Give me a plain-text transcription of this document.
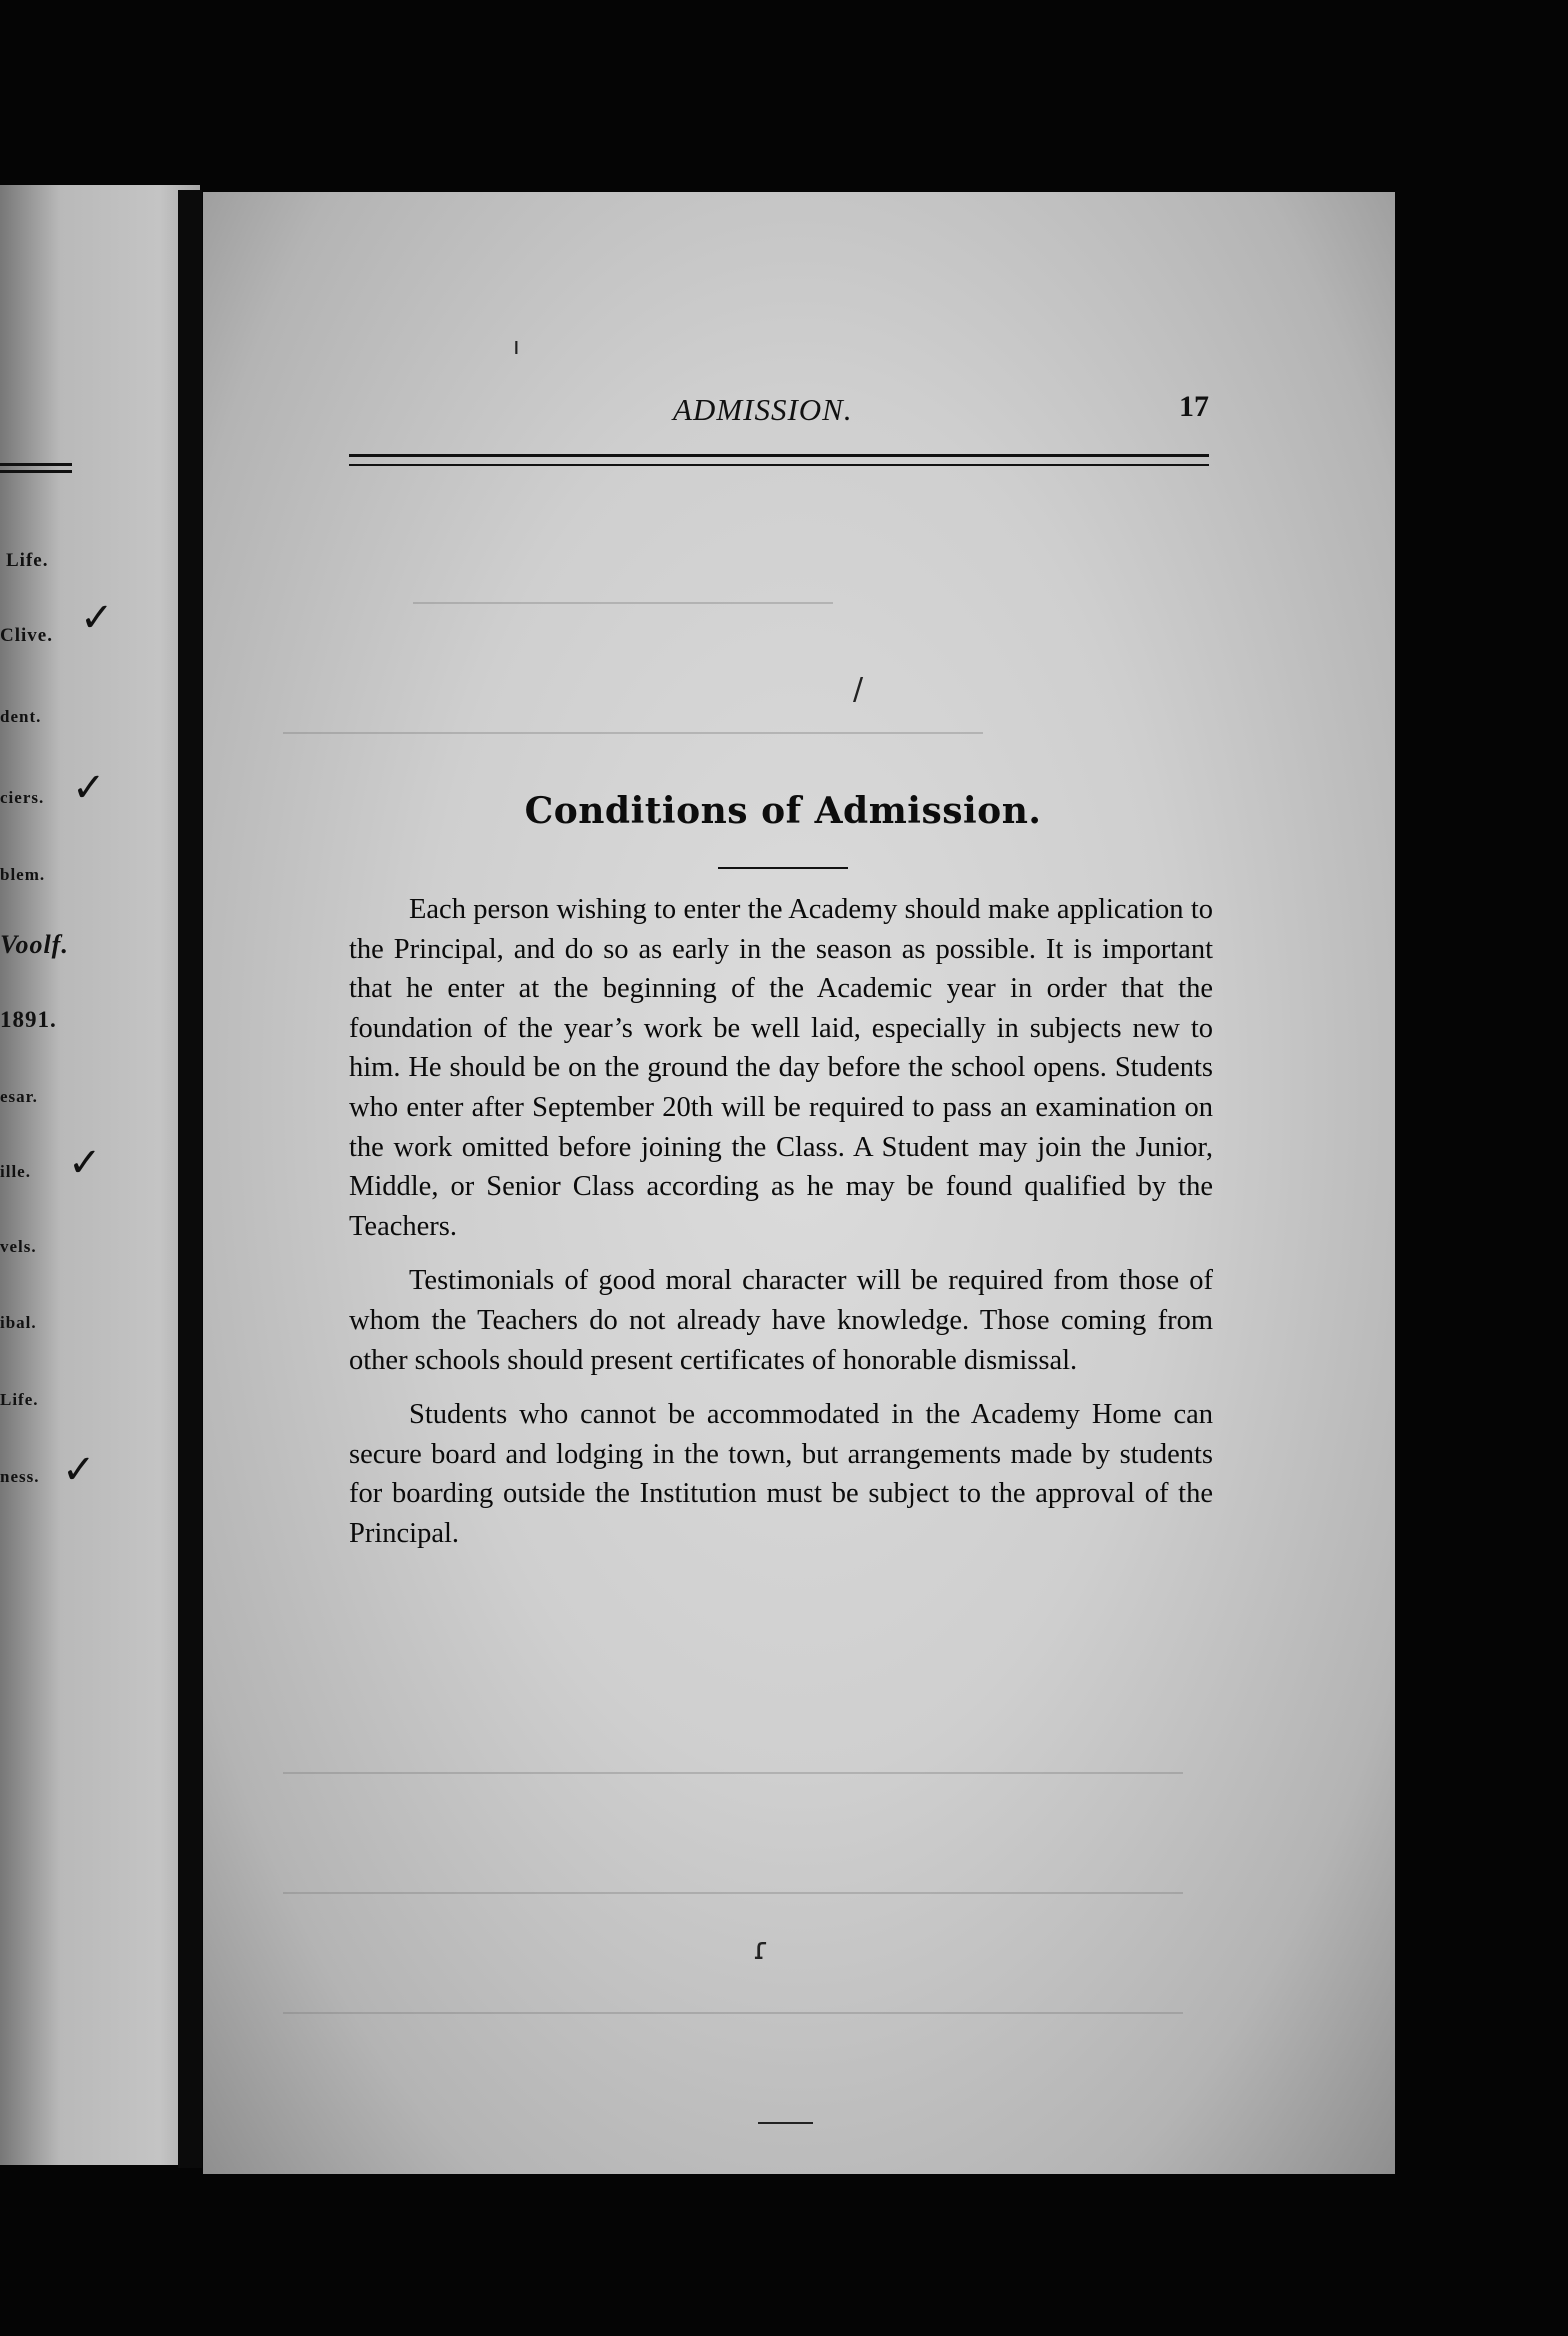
Life.
Clive.
dent.
ciers.
blem.
Voolf.
1891.
esar.
ille.
vels.
ibal.
Life.
ness.
✓
✓
✓
✓
ADMISSION.	17
/
ı
Conditions of Admission.

Each person wishing to enter the Academy should make application to the Principal, and do so as early in the season as possible. It is important that he enter at the beginning of the Academic year in order that the foundation of the year’s work be well laid, especially in subjects new to him. He should be on the ground the day before the school opens. Students who enter after September 20th will be required to pass an examination on the work omitted before joining the Class. A Student may join the Junior, Middle, or Senior Class according as he may be found qualified by the Teachers.

Testimonials of good moral character will be required from those of whom the Teachers do not already have knowledge. Those coming from other schools should present certificates of honorable dismissal.

Students who cannot be accommodated in the Academy Home can secure board and lodging in the town, but arrangements made by students for boarding outside the Institution must be subject to the approval of the Principal.

ɾ
